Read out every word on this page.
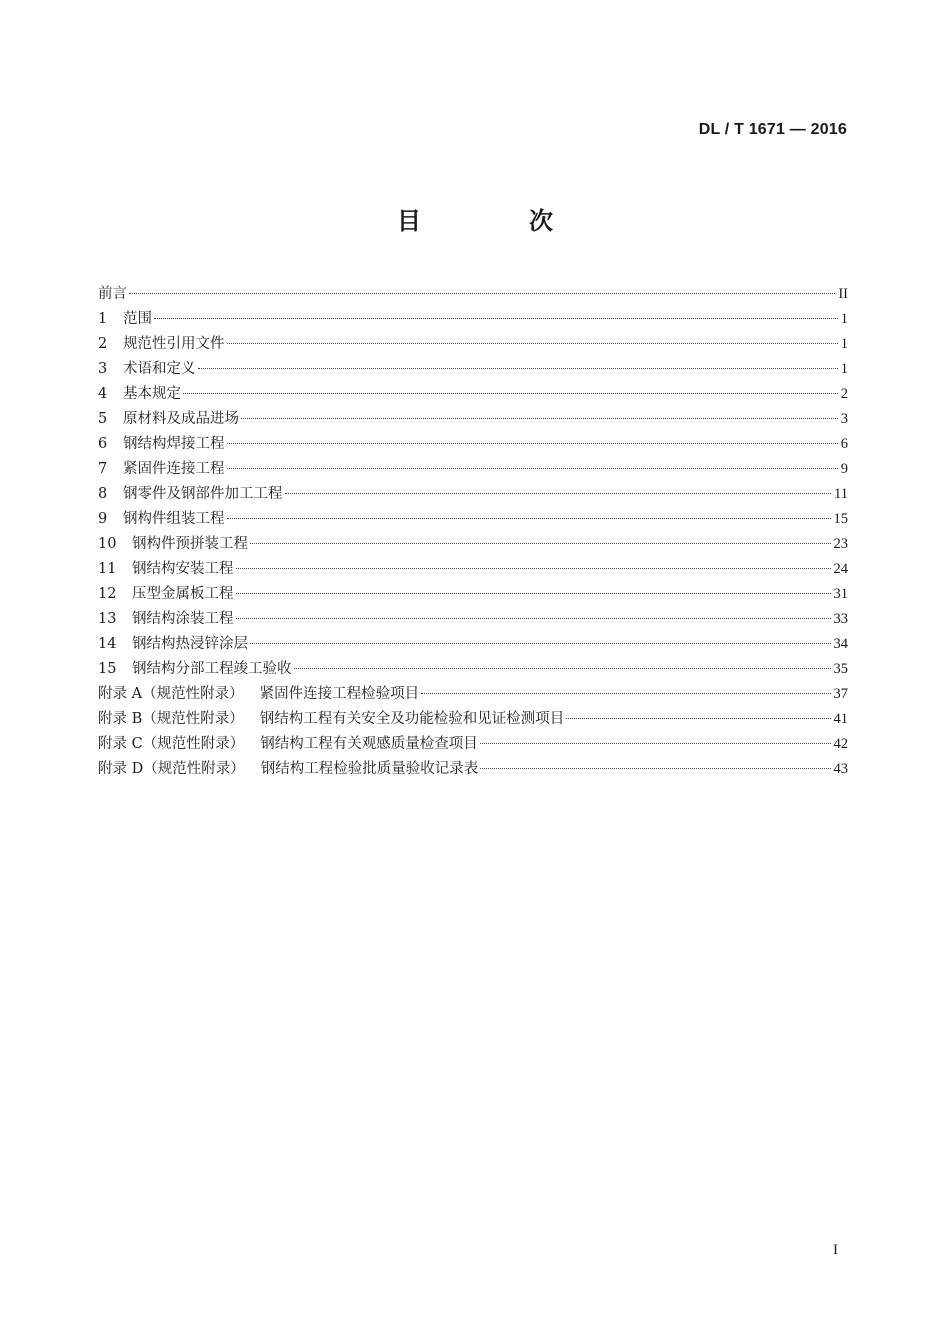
DL / T 1671 — 2016
目　次
前言	II
1	范围	1
2	规范性引用文件	1
3	术语和定义	1
4	基本规定	2
5	原材料及成品进场	3
6	钢结构焊接工程	6
7	紧固件连接工程	9
8	钢零件及钢部件加工工程	11
9	钢构件组装工程	15
10	钢构件预拼装工程	23
11	钢结构安装工程	24
12	压型金属板工程	31
13	钢结构涂装工程	33
14	钢结构热浸锌涂层	34
15	钢结构分部工程竣工验收	35
附录 A（规范性附录） 紧固件连接工程检验项目	37
附录 B（规范性附录） 钢结构工程有关安全及功能检验和见证检测项目	41
附录 C（规范性附录） 钢结构工程有关观感质量检查项目	42
附录 D（规范性附录） 钢结构工程检验批质量验收记录表	43
I
